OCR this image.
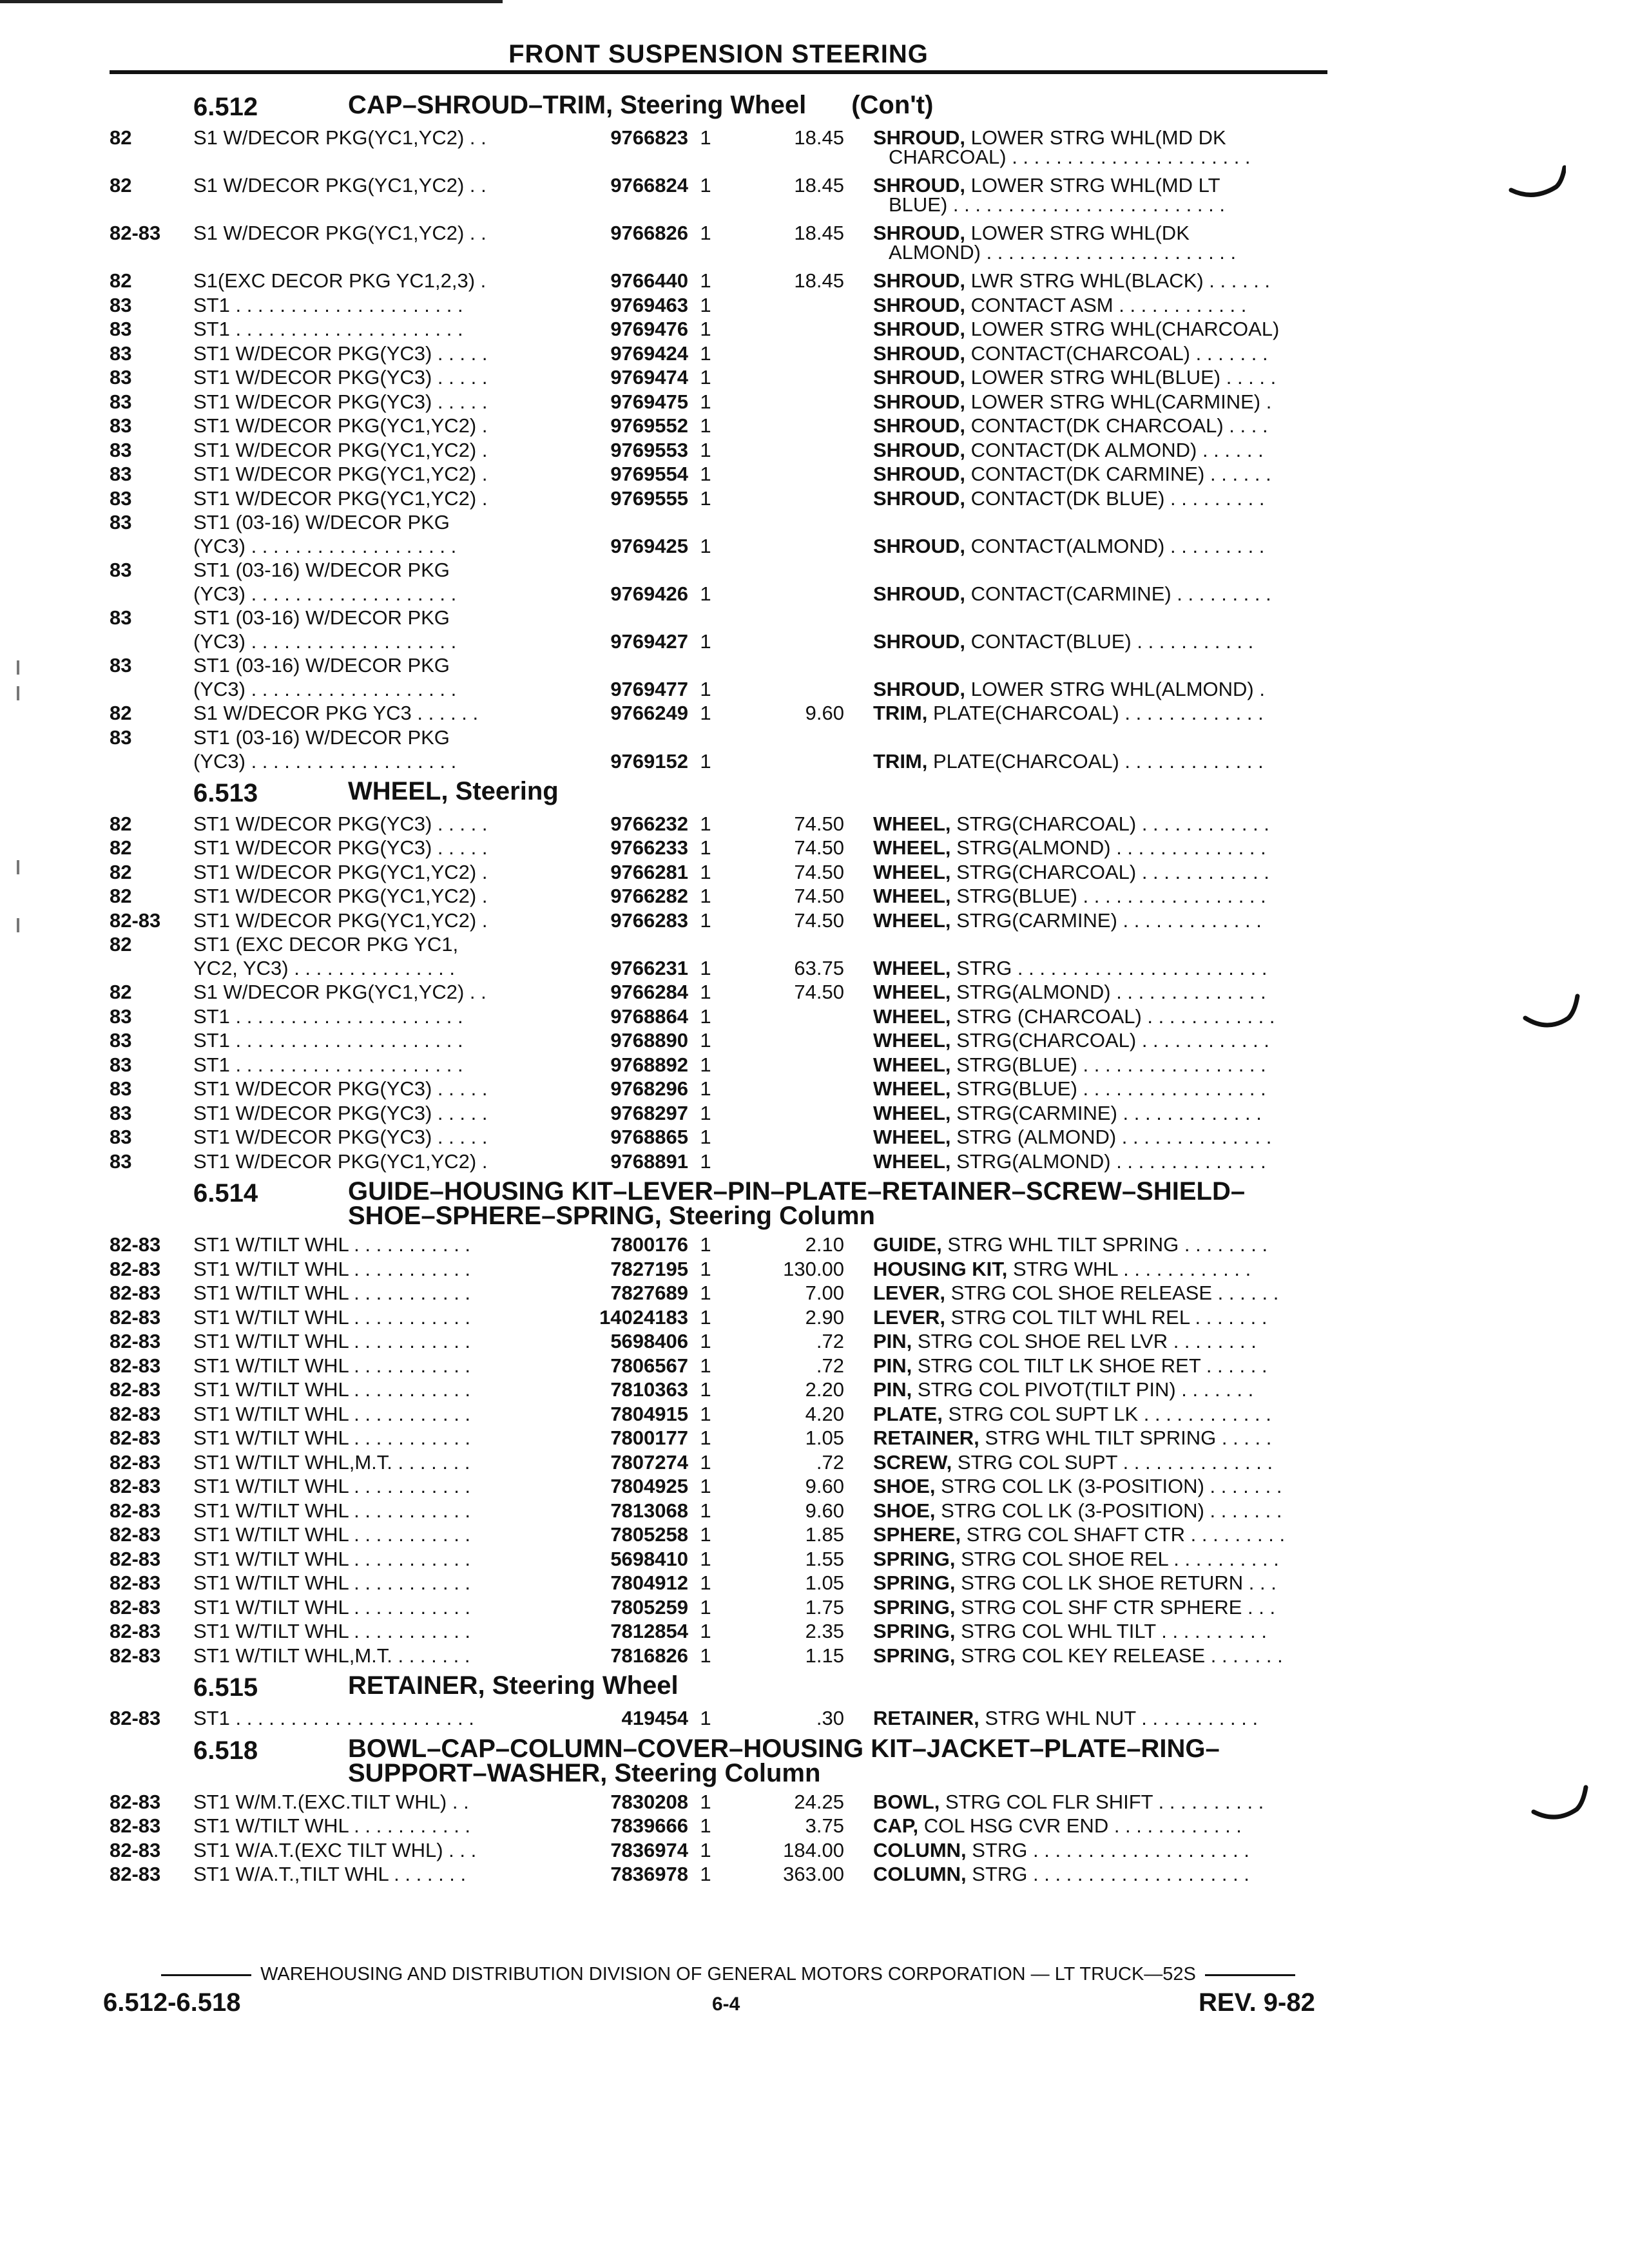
FRONT SUSPENSION STEERING
6.512	CAP–SHROUD–TRIM, Steering Wheel (Con't)
82	S1 W/DECOR PKG(YC1,YC2) . .	9766823 1	18.45 SHROUD, LOWER STRG WHL(MD DK
CHARCOAL) . . . . . . . . . . . . . . . . . . . . . .
82	S1 W/DECOR PKG(YC1,YC2) . .	9766824 1	18.45 SHROUD, LOWER STRG WHL(MD LT
BLUE) . . . . . . . . . . . . . . . . . . . . . . . . .
82-83	S1 W/DECOR PKG(YC1,YC2) . .	9766826 1	18.45 SHROUD, LOWER STRG WHL(DK
ALMOND) . . . . . . . . . . . . . . . . . . . . . . .
82	S1(EXC DECOR PKG YC1,2,3) .	9766440 1	18.45 SHROUD, LWR STRG WHL(BLACK) . . . . . .
83	ST1 . . . . . . . . . . . . . . . . . . . . .	9769463 1	SHROUD, CONTACT ASM . . . . . . . . . . . .
83	ST1 . . . . . . . . . . . . . . . . . . . . .	9769476 1	SHROUD, LOWER STRG WHL(CHARCOAL)
83	ST1 W/DECOR PKG(YC3) . . . . .	9769424 1	SHROUD, CONTACT(CHARCOAL) . . . . . . .
83	ST1 W/DECOR PKG(YC3) . . . . .	9769474 1	SHROUD, LOWER STRG WHL(BLUE) . . . . .
83	ST1 W/DECOR PKG(YC3) . . . . .	9769475 1	SHROUD, LOWER STRG WHL(CARMINE) .
83	ST1 W/DECOR PKG(YC1,YC2) .	9769552 1	SHROUD, CONTACT(DK CHARCOAL) . . . .
83	ST1 W/DECOR PKG(YC1,YC2) .	9769553 1	SHROUD, CONTACT(DK ALMOND) . . . . . .
83	ST1 W/DECOR PKG(YC1,YC2) .	9769554 1	SHROUD, CONTACT(DK CARMINE) . . . . . .
83	ST1 W/DECOR PKG(YC1,YC2) .	9769555 1	SHROUD, CONTACT(DK BLUE) . . . . . . . . .
83	ST1 (03-16) W/DECOR PKG
(YC3) . . . . . . . . . . . . . . . . . . .	9769425 1	SHROUD, CONTACT(ALMOND) . . . . . . . . .
83	ST1 (03-16) W/DECOR PKG
(YC3) . . . . . . . . . . . . . . . . . . .	9769426 1	SHROUD, CONTACT(CARMINE) . . . . . . . . .
83	ST1 (03-16) W/DECOR PKG
(YC3) . . . . . . . . . . . . . . . . . . .	9769427 1	SHROUD, CONTACT(BLUE) . . . . . . . . . . .
83	ST1 (03-16) W/DECOR PKG
(YC3) . . . . . . . . . . . . . . . . . . .	9769477 1	SHROUD, LOWER STRG WHL(ALMOND) .
82	S1 W/DECOR PKG YC3 . . . . . .	9766249 1	9.60 TRIM, PLATE(CHARCOAL) . . . . . . . . . . . . .
83	ST1 (03-16) W/DECOR PKG
(YC3) . . . . . . . . . . . . . . . . . . .	9769152 1	TRIM, PLATE(CHARCOAL) . . . . . . . . . . . . .
6.513	WHEEL, Steering
82	ST1 W/DECOR PKG(YC3) . . . . .	9766232 1	74.50 WHEEL, STRG(CHARCOAL) . . . . . . . . . . . .
82	ST1 W/DECOR PKG(YC3) . . . . .	9766233 1	74.50 WHEEL, STRG(ALMOND) . . . . . . . . . . . . . .
82	ST1 W/DECOR PKG(YC1,YC2) .	9766281 1	74.50 WHEEL, STRG(CHARCOAL) . . . . . . . . . . . .
82	ST1 W/DECOR PKG(YC1,YC2) .	9766282 1	74.50 WHEEL, STRG(BLUE) . . . . . . . . . . . . . . . . .
82-83	ST1 W/DECOR PKG(YC1,YC2) .	9766283 1	74.50 WHEEL, STRG(CARMINE) . . . . . . . . . . . . .
82	ST1 (EXC DECOR PKG YC1,
YC2, YC3) . . . . . . . . . . . . . . .	9766231 1	63.75 WHEEL, STRG . . . . . . . . . . . . . . . . . . . . . . .
82	S1 W/DECOR PKG(YC1,YC2) . .	9766284 1	74.50 WHEEL, STRG(ALMOND) . . . . . . . . . . . . . .
83	ST1 . . . . . . . . . . . . . . . . . . . . .	9768864 1	WHEEL, STRG (CHARCOAL) . . . . . . . . . . . .
83	ST1 . . . . . . . . . . . . . . . . . . . . .	9768890 1	WHEEL, STRG(CHARCOAL) . . . . . . . . . . . .
83	ST1 . . . . . . . . . . . . . . . . . . . . .	9768892 1	WHEEL, STRG(BLUE) . . . . . . . . . . . . . . . . .
83	ST1 W/DECOR PKG(YC3) . . . . .	9768296 1	WHEEL, STRG(BLUE) . . . . . . . . . . . . . . . . .
83	ST1 W/DECOR PKG(YC3) . . . . .	9768297 1	WHEEL, STRG(CARMINE) . . . . . . . . . . . . .
83	ST1 W/DECOR PKG(YC3) . . . . .	9768865 1	WHEEL, STRG (ALMOND) . . . . . . . . . . . . . .
83	ST1 W/DECOR PKG(YC1,YC2) .	9768891 1	WHEEL, STRG(ALMOND) . . . . . . . . . . . . . .
6.514	GUIDE–HOUSING KIT–LEVER–PIN–PLATE–RETAINER–SCREW–SHIELD–SHOE–SPHERE–SPRING, Steering Column
82-83	ST1 W/TILT WHL . . . . . . . . . . .	7800176 1	2.10 GUIDE, STRG WHL TILT SPRING . . . . . . . .
82-83	ST1 W/TILT WHL . . . . . . . . . . .	7827195 1	130.00 HOUSING KIT, STRG WHL . . . . . . . . . . . .
82-83	ST1 W/TILT WHL . . . . . . . . . . .	7827689 1	7.00 LEVER, STRG COL SHOE RELEASE . . . . . .
82-83	ST1 W/TILT WHL . . . . . . . . . . .	14024183 1	2.90 LEVER, STRG COL TILT WHL REL . . . . . . .
82-83	ST1 W/TILT WHL . . . . . . . . . . .	5698406 1	.72 PIN, STRG COL SHOE REL LVR . . . . . . . .
82-83	ST1 W/TILT WHL . . . . . . . . . . .	7806567 1	.72 PIN, STRG COL TILT LK SHOE RET . . . . . .
82-83	ST1 W/TILT WHL . . . . . . . . . . .	7810363 1	2.20 PIN, STRG COL PIVOT(TILT PIN) . . . . . . .
82-83	ST1 W/TILT WHL . . . . . . . . . . .	7804915 1	4.20 PLATE, STRG COL SUPT LK . . . . . . . . . . . .
82-83	ST1 W/TILT WHL . . . . . . . . . . .	7800177 1	1.05 RETAINER, STRG WHL TILT SPRING . . . . .
82-83	ST1 W/TILT WHL,M.T. . . . . . . .	7807274 1	.72 SCREW, STRG COL SUPT . . . . . . . . . . . . . .
82-83	ST1 W/TILT WHL . . . . . . . . . . .	7804925 1	9.60 SHOE, STRG COL LK (3-POSITION) . . . . . . .
82-83	ST1 W/TILT WHL . . . . . . . . . . .	7813068 1	9.60 SHOE, STRG COL LK (3-POSITION) . . . . . . .
82-83	ST1 W/TILT WHL . . . . . . . . . . .	7805258 1	1.85 SPHERE, STRG COL SHAFT CTR . . . . . . . . .
82-83	ST1 W/TILT WHL . . . . . . . . . . .	5698410 1	1.55 SPRING, STRG COL SHOE REL . . . . . . . . . .
82-83	ST1 W/TILT WHL . . . . . . . . . . .	7804912 1	1.05 SPRING, STRG COL LK SHOE RETURN . . .
82-83	ST1 W/TILT WHL . . . . . . . . . . .	7805259 1	1.75 SPRING, STRG COL SHF CTR SPHERE . . .
82-83	ST1 W/TILT WHL . . . . . . . . . . .	7812854 1	2.35 SPRING, STRG COL WHL TILT . . . . . . . . . .
82-83	ST1 W/TILT WHL,M.T. . . . . . . .	7816826 1	1.15 SPRING, STRG COL KEY RELEASE . . . . . . .
6.515	RETAINER, Steering Wheel
82-83	ST1 . . . . . . . . . . . . . . . . . . . . . .	419454 1	.30 RETAINER, STRG WHL NUT . . . . . . . . . . .
6.518	BOWL–CAP–COLUMN–COVER–HOUSING KIT–JACKET–PLATE–RING–SUPPORT–WASHER, Steering Column
82-83	ST1 W/M.T.(EXC.TILT WHL) . .	7830208 1	24.25 BOWL, STRG COL FLR SHIFT . . . . . . . . . .
82-83	ST1 W/TILT WHL . . . . . . . . . . .	7839666 1	3.75 CAP, COL HSG CVR END . . . . . . . . . . . .
82-83	ST1 W/A.T.(EXC TILT WHL) . . .	7836974 1	184.00 COLUMN, STRG . . . . . . . . . . . . . . . . . . . .
82-83	ST1 W/A.T.,TILT WHL . . . . . . .	7836978 1	363.00 COLUMN, STRG . . . . . . . . . . . . . . . . . . . .
WAREHOUSING AND DISTRIBUTION DIVISION OF GENERAL MOTORS CORPORATION — LT TRUCK—52S
6.512-6.518	6-4	REV. 9-82
